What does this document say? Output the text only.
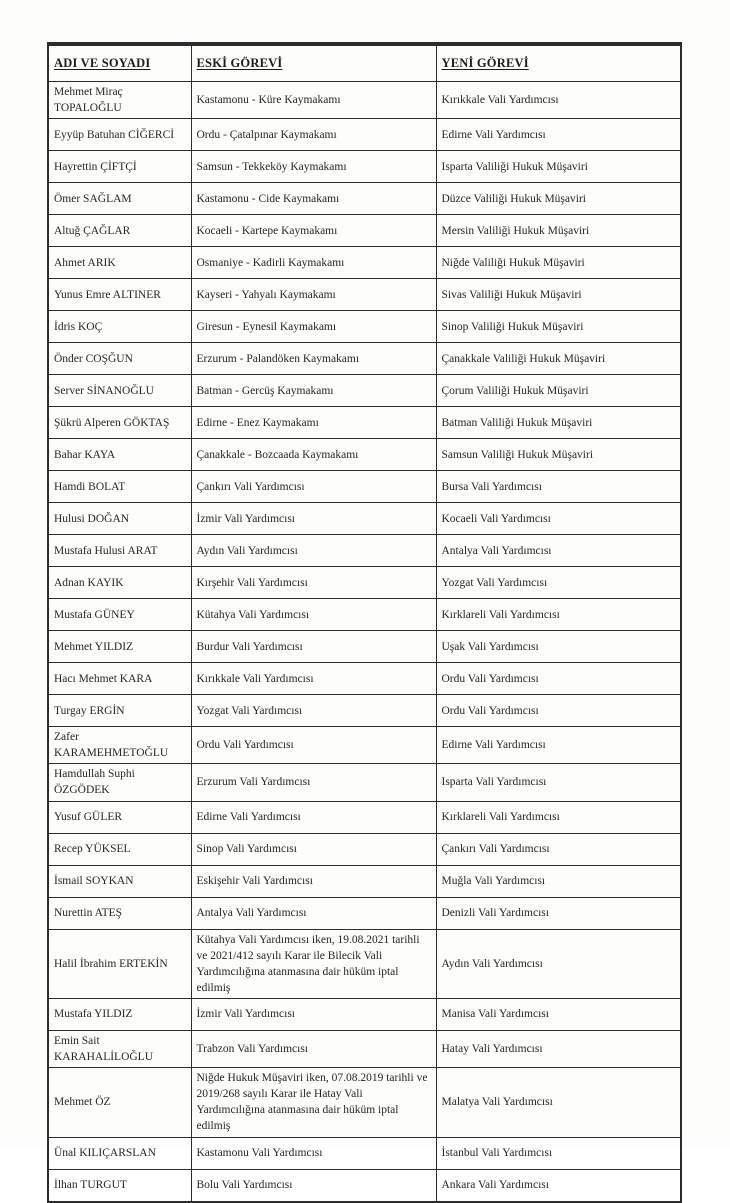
ADI VE SOYADI	ESKİ GÖREVİ	YENİ GÖREVİ
Mehmet Miraç TOPALOĞLU	Kastamonu - Küre Kaymakamı	Kırıkkale Vali Yardımcısı
Eyyüp Batuhan CİĞERCİ	Ordu - Çatalpınar Kaymakamı	Edirne Vali Yardımcısı
Hayrettin ÇİFTÇİ	Samsun - Tekkeköy Kaymakamı	Isparta Valiliği Hukuk Müşaviri
Ömer SAĞLAM	Kastamonu - Cide Kaymakamı	Düzce Valiliği Hukuk Müşaviri
Altuğ ÇAĞLAR	Kocaeli - Kartepe Kaymakamı	Mersin Valiliği Hukuk Müşaviri
Ahmet ARIK	Osmaniye - Kadirli Kaymakamı	Niğde Valiliği Hukuk Müşaviri
Yunus Emre ALTINER	Kayseri - Yahyalı Kaymakamı	Sivas Valiliği Hukuk Müşaviri
İdris KOÇ	Giresun - Eynesil Kaymakamı	Sinop Valiliği Hukuk Müşaviri
Önder COŞĞUN	Erzurum - Palandöken Kaymakamı	Çanakkale Valiliği Hukuk Müşaviri
Server SİNANOĞLU	Batman - Gercüş Kaymakamı	Çorum Valiliği Hukuk Müşaviri
Şükrü Alperen GÖKTAŞ	Edirne - Enez Kaymakamı	Batman Valiliği Hukuk Müşaviri
Bahar KAYA	Çanakkale - Bozcaada Kaymakamı	Samsun Valiliği Hukuk Müşaviri
Hamdi BOLAT	Çankırı Vali Yardımcısı	Bursa Vali Yardımcısı
Hulusi DOĞAN	İzmir Vali Yardımcısı	Kocaeli Vali Yardımcısı
Mustafa Hulusi ARAT	Aydın Vali Yardımcısı	Antalya Vali Yardımcısı
Adnan KAYIK	Kırşehir Vali Yardımcısı	Yozgat Vali Yardımcısı
Mustafa GÜNEY	Kütahya Vali Yardımcısı	Kırklareli Vali Yardımcısı
Mehmet YILDIZ	Burdur Vali Yardımcısı	Uşak Vali Yardımcısı
Hacı Mehmet KARA	Kırıkkale Vali Yardımcısı	Ordu Vali Yardımcısı
Turgay ERGİN	Yozgat Vali Yardımcısı	Ordu Vali Yardımcısı
Zafer KARAMEHMETOĞLU	Ordu Vali Yardımcısı	Edirne Vali Yardımcısı
Hamdullah Suphi ÖZGÖDEK	Erzurum Vali Yardımcısı	Isparta Vali Yardımcısı
Yusuf GÜLER	Edirne Vali Yardımcısı	Kırklareli Vali Yardımcısı
Recep YÜKSEL	Sinop Vali Yardımcısı	Çankırı Vali Yardımcısı
İsmail SOYKAN	Eskişehir Vali Yardımcısı	Muğla Vali Yardımcısı
Nurettin ATEŞ	Antalya Vali Yardımcısı	Denizli Vali Yardımcısı
Halil İbrahim ERTEKİN	Kütahya Vali Yardımcısı iken, 19.08.2021 tarihli ve 2021/412 sayılı Karar ile Bilecik Vali Yardımcılığına atanmasına dair hüküm iptal edilmiş	Aydın Vali Yardımcısı
Mustafa YILDIZ	İzmir Vali Yardımcısı	Manisa Vali Yardımcısı
Emin Sait KARAHALİLOĞLU	Trabzon Vali Yardımcısı	Hatay Vali Yardımcısı
Mehmet ÖZ	Niğde Hukuk Müşaviri iken, 07.08.2019 tarihli ve 2019/268 sayılı Karar ile Hatay Vali Yardımcılığına atanmasına dair hüküm iptal edilmiş	Malatya Vali Yardımcısı
Ünal KILIÇARSLAN	Kastamonu Vali Yardımcısı	İstanbul Vali Yardımcısı
İlhan TURGUT	Bolu Vali Yardımcısı	Ankara Vali Yardımcısı
